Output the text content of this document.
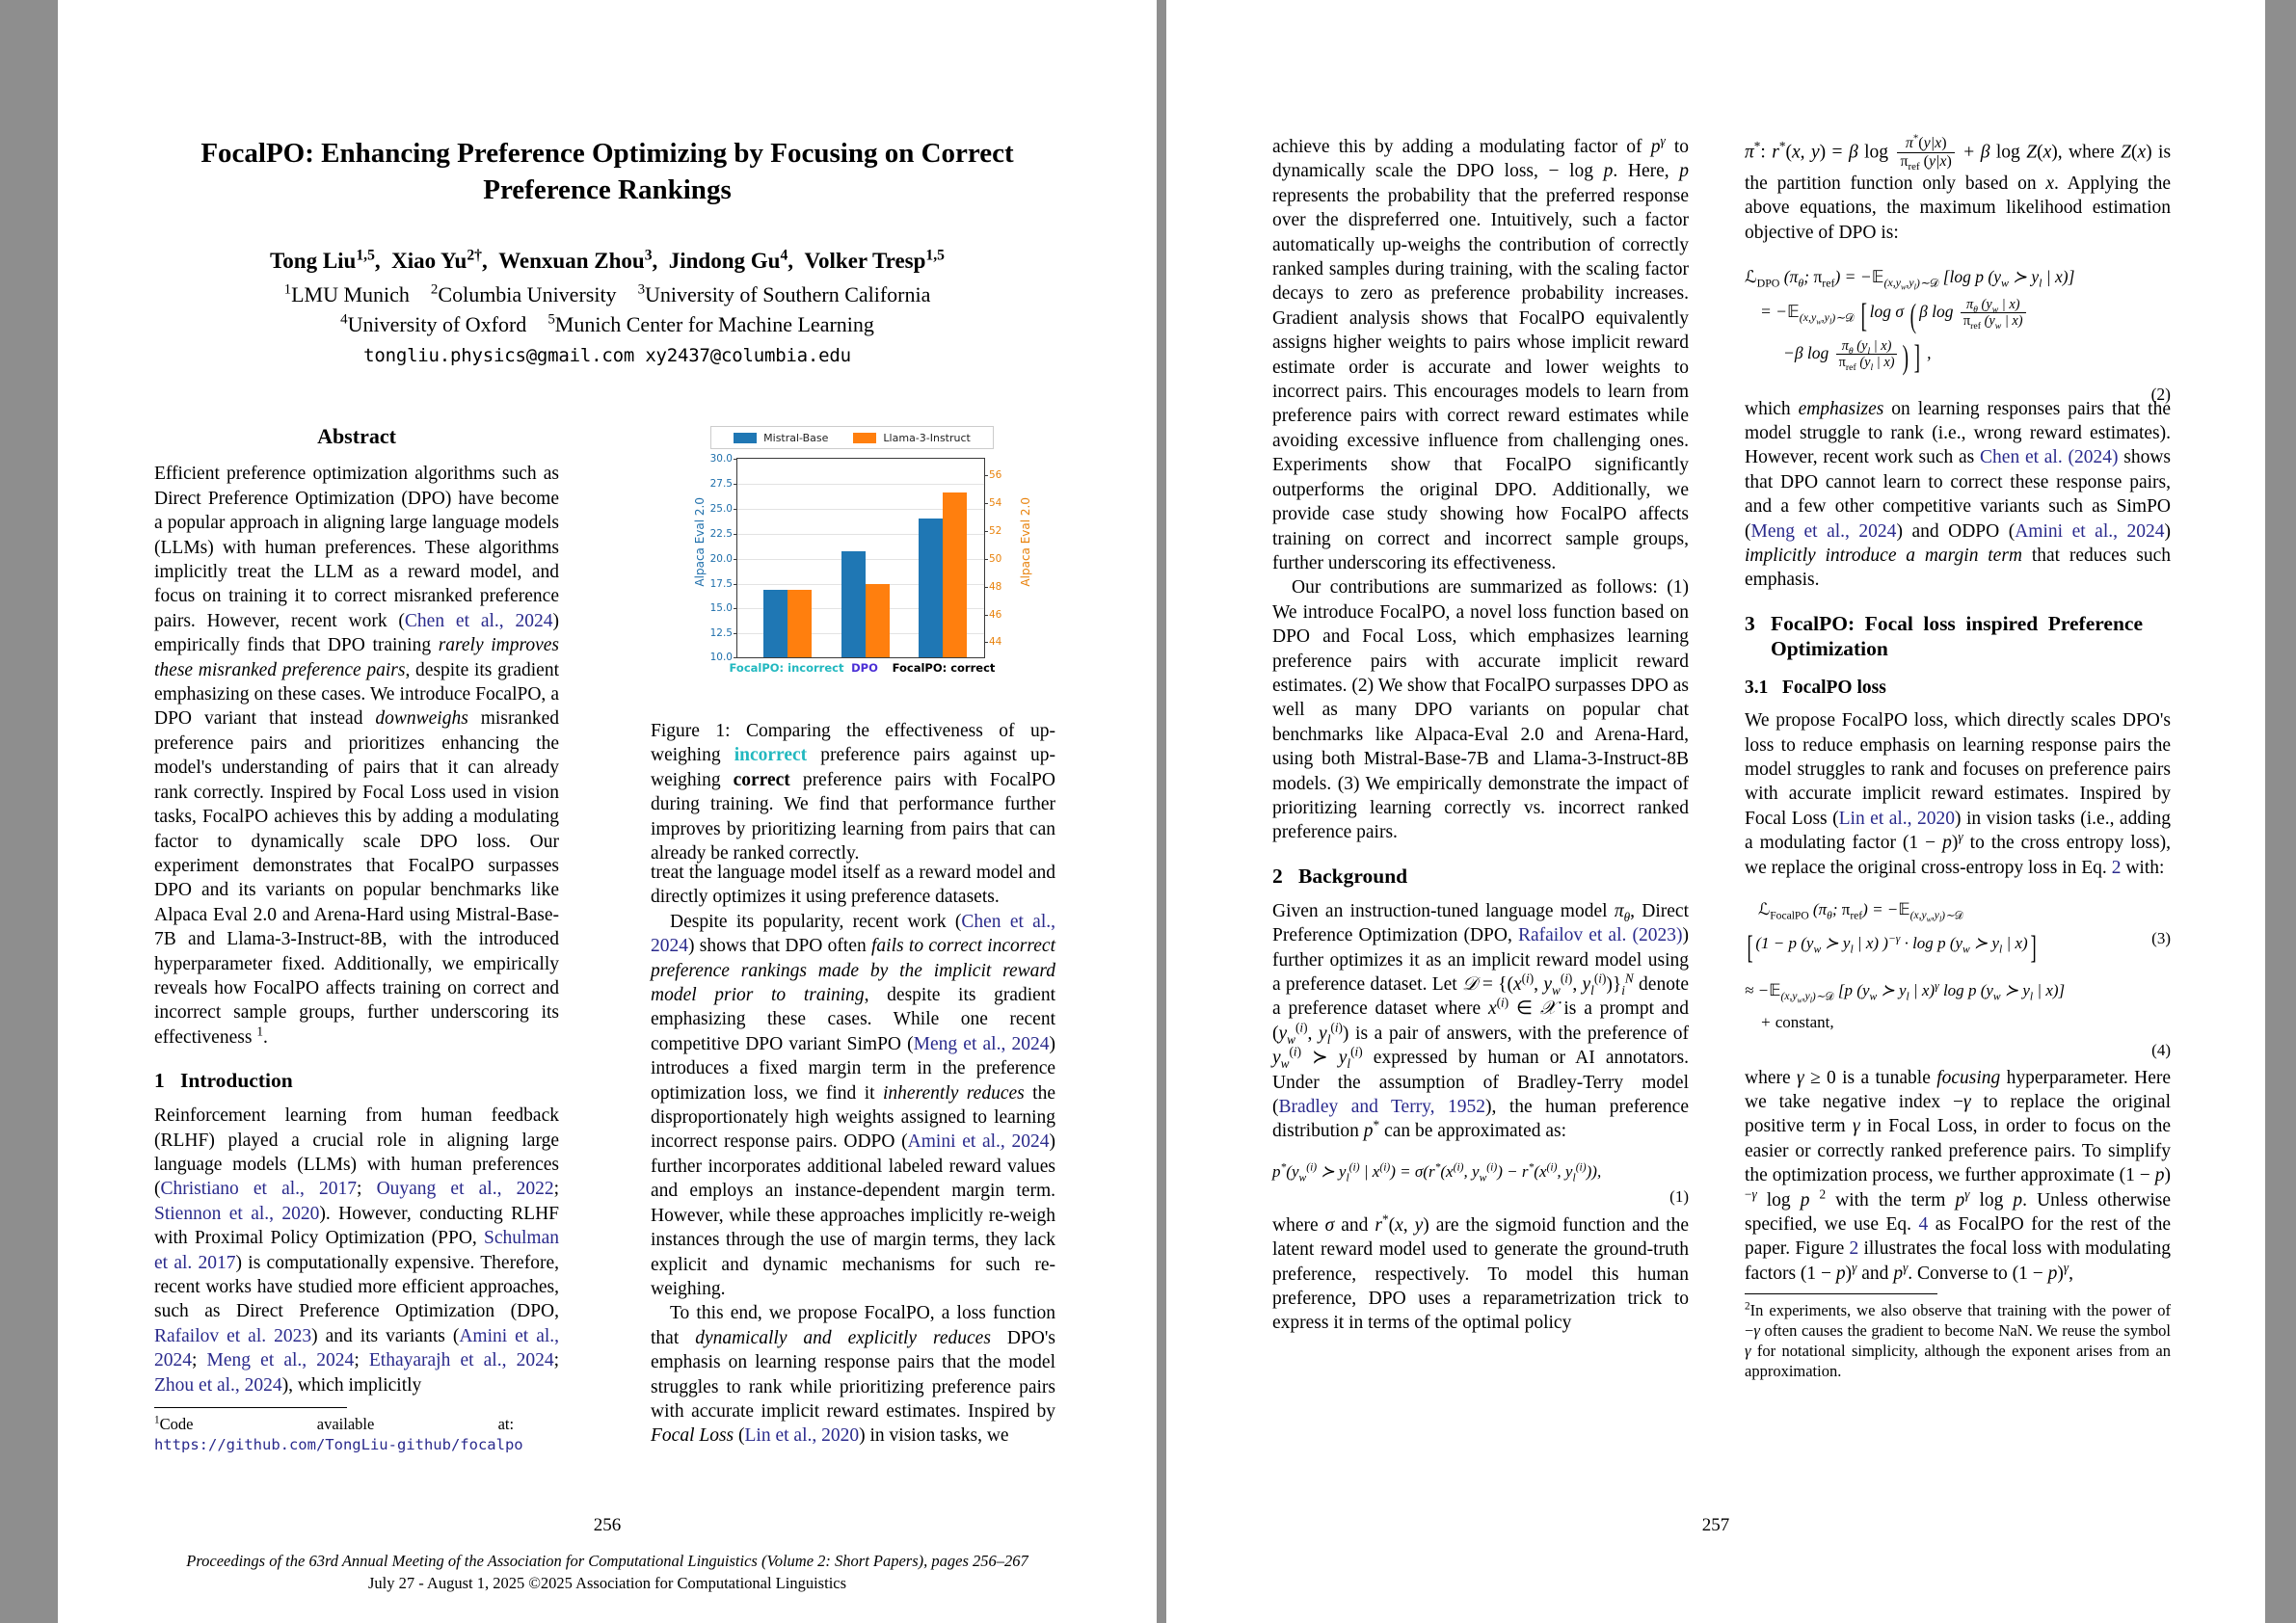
FocalPO: Enhancing Preference Optimizing by Focusing on Correct
Preference Rankings
Tong Liu$^{1,5}$,  Xiao $Yu^{2\dagger}$,  Wenxuan Zhou$^3$,  Jindong Gu$^4$,  Volker Tresp$^{1,5}$
$^1$LMU Munich    $^2$Columbia University    $^3$University of Southern California
$^4$University of Oxford    $^5$Munich Center for Machine Learning
tongliu.physics@gmail.com xy2437@columbia.edu
Abstract

Efficient preference optimization algorithms such as Direct Preference Optimization (DPO) have become a popular approach in aligning large language models (LLMs) with human preferences. These algorithms implicitly treat the LLM as a reward model, and focus on training it to correct misranked preference pairs. However, recent work (Chen et al., 2024) empirically finds that DPO training rarely improves these misranked preference pairs, despite its gradient emphasizing on these cases. We introduce FocalPO, a DPO variant that instead downweighs misranked preference pairs and prioritizes enhancing the model's understanding of pairs that it can already rank correctly. Inspired by Focal Loss used in vision tasks, FocalPO achieves this by adding a modulating factor to dynamically scale DPO loss. Our experiment demonstrates that FocalPO surpasses DPO and its variants on popular benchmarks like Alpaca Eval 2.0 and Arena-Hard using Mistral-Base-7B and Llama-3-Instruct-8B, with the introduced hyperparameter fixed. Additionally, we empirically reveals how FocalPO affects training on correct and incorrect sample groups, further underscoring its effectiveness $^1$.

1 Introduction

Reinforcement learning from human feedback (RLHF) played a crucial role in aligning large language models (LLMs) with human preferences (Christiano et al., 2017; Ouyang et al., 2022; Stiennon et al., 2020). However, conducting RLHF with Proximal Policy Optimization (PPO, Schulman et al. 2017) is computationally expensive. Therefore, recent works have studied more efficient approaches, such as Direct Preference Optimization (DPO, Rafailov et al. 2023) and its variants (Amini et al., 2024; Meng et al., 2024; Ethayarajh et al., 2024; Zhou et al., 2024), which implicitly

$^1$Code      available      at:    https://github.com/TongLiu-github/focalpo
Mistral-Base	Llama-3-Instruct
Alpaca Eval 2.0	Alpaca Eval 2.0
30.0
27.5
25.0
22.5
20.0
17.5
15.0
12.5
10.0
56
54
52
50
48
46
44
FocalPO: incorrect DPO FocalPO: correct
Figure 1: Comparing the effectiveness of up-weighing incorrect preference pairs against up-weighing correct preference pairs with FocalPO during training. We find that performance further improves by prioritizing learning from pairs that can already be ranked correctly.

treat the language model itself as a reward model and directly optimizes it using preference datasets.

Despite its popularity, recent work (Chen et al., 2024) shows that DPO often fails to correct incorrect preference rankings made by the implicit reward model prior to training, despite its gradient emphasizing these cases. While one recent competitive DPO variant SimPO (Meng et al., 2024) introduces a fixed margin term in the preference optimization loss, we find it inherently reduces the disproportionately high weights assigned to learning incorrect response pairs. ODPO (Amini et al., 2024) further incorporates additional labeled reward values and employs an instance-dependent margin term. However, while these approaches implicitly re-weigh instances through the use of margin terms, they lack explicit and dynamic mechanisms for such re-weighing.

To this end, we propose FocalPO, a loss function that dynamically and explicitly reduces DPO's emphasis on learning response pairs that the model struggles to rank while prioritizing preference pairs with accurate implicit reward estimates. Inspired by Focal Loss (Lin et al., 2020) in vision tasks, we

256
Proceedings of the 63rd Annual Meeting of the Association for Computational Linguistics (Volume 2: Short Papers), pages 256–267
July 27 - August 1, 2025 ©2025 Association for Computational Linguistics

achieve this by adding a modulating factor of $p^\gamma$ to dynamically scale the DPO loss, − log p. Here, p represents the probability that the preferred response over the dispreferred one. Intuitively, such a factor automatically up-weighs the contribution of correctly ranked samples during training, with the scaling factor decays to zero as preference probability increases. Gradient analysis shows that FocalPO equivalently assigns higher weights to pairs whose implicit reward estimate order is accurate and lower weights to incorrect pairs. This encourages models to learn from preference pairs with correct reward estimates while avoiding excessive influence from challenging ones. Experiments show that FocalPO significantly outperforms the original DPO. Additionally, we provide case study showing how FocalPO affects training on correct and incorrect sample groups, further underscoring its effectiveness.

Our contributions are summarized as follows: (1) We introduce FocalPO, a novel loss function based on DPO and Focal Loss, which emphasizes learning preference pairs with accurate implicit reward estimates. (2) We show that FocalPO surpasses DPO as well as many DPO variants on popular chat benchmarks like Alpaca-Eval 2.0 and Arena-Hard, using both Mistral-Base-7B and Llama-3-Instruct-8B models. (3) We empirically demonstrate the impact of prioritizing learning correctly vs. incorrect ranked preference pairs.

2 Background

Given an instruction-tuned language model $\pi_\theta$, Direct Preference Optimization (DPO, Rafailov et al. (2023)) further optimizes it as an implicit reward model using a preference dataset. Let 𝒟 = {($x^{(i)}$, $y_w^{(i)}$, $y_l^{(i)})\}_i^N$ denote a preference dataset where $x^{(i)}$ ∈ 𝒳 is a prompt and ($y_w^{(i)}$, $y_l^{(i)}$) is a pair of answers, with the preference of $y_w^{(i)}$ ≻ $y_l^{(i)}$ expressed by human or AI annotators. Under the assumption of Bradley-Terry model (Bradley and Terry, 1952), the human preference distribution p* can be approximated as:

$p^*(y_w^{(i)}$ ≻ $y_l^{(i)}$ | $x^{(i)}) = \sigma(r^*(x^{(i)}$, $y_w^{(i)}) - r^*(x^{(i)}$, $y_l^{(i)}$)),
(1)

where σ and r*(x, y) are the sigmoid function and the latent reward model used to generate the ground-truth preference, respectively. To model this human preference, DPO uses a reparametrization trick to express it in terms of the optimal policy

π*: r*(x, y) = β $\log \frac{\pi^*(y|x)}{\pi_{ref} (y|x)} + \beta$ log Z(x), where Z(x) is the partition function only based on x. Applying the above equations, the maximum likelihood estimation objective of DPO is:

ℒ$_{DPO}$ ($\pi_\theta$; $\pi_{ref}$) = −𝔼$_{(x,y_w,y_l)\sim 𝒟}$ [log p ($y_w$ ≻ $y_l$ | x)]
= −𝔼$_{(x,y_w,y_l)\sim 𝒟}$ [ log σ ( β $\log \frac{\pi_\theta (y_w | x)}{\pi_{ref} (y_w | x)}$
−β $\log \frac{\pi_\theta (y_l | x)}{\pi_{ref} (y_l | x)}$ ) ] ,
(2)

which emphasizes on learning responses pairs that the model struggle to rank (i.e., wrong reward estimates). However, recent work such as Chen et al. (2024) shows that DPO cannot learn to correct these response pairs, and a few other competitive variants such as SimPO (Meng et al., 2024) and ODPO (Amini et al., 2024) implicitly introduce a margin term that reduces such emphasis.

3 FocalPO: Focal loss inspired Preference Optimization
3.1 FocalPO loss

We propose FocalPO loss, which directly scales DPO's loss to reduce emphasis on learning response pairs the model struggles to rank and focuses on preference pairs with accurate implicit reward estimates. Inspired by Focal Loss (Lin et al., 2020) in vision tasks (i.e., adding a modulating factor $(1 - p)^\gamma$ to the cross entropy loss), we replace the original cross-entropy loss in Eq. 2 with:

ℒ$_{FocalPO}$ ($\pi_\theta$; $\pi_{ref}$) = −𝔼$_{(x,y_w,y_l)\sim 𝒟}$
[ (1 − p ($y_w$ ≻ $y_l$ | x) )$^{-\gamma}$ · log p ($y_w$ ≻ $y_l$ | x)]	(3)
≈ −𝔼$_{(x,y_w,y_l)\sim 𝒟}$ [p ($y_w$ ≻ $y_l$ | x)$^\gamma$ log p ($y_w$ ≻ $y_l$ | x)]
+ constant,
(4)

where γ ≥ 0 is a tunable focusing hyperparameter. Here we take negative index −γ to replace the original positive term γ in Focal Loss, in order to focus on the easier or correctly ranked preference pairs. To simplify the optimization process, we further approximate $(1 - p)^{-\gamma}$ log p $^2$ with the term $p^\gamma$ log p. Unless otherwise specified, we use Eq. 4 as FocalPO for the rest of the paper. Figure 2 illustrates the focal loss with modulating factors $(1 - p)^\gamma$ and $p^\gamma$. Converse to $(1 - p)^\gamma$,

$^2$In experiments, we also observe that training with the power of −γ often causes the gradient to become NaN. We reuse the symbol γ for notational simplicity, although the exponent arises from an approximation.
257
